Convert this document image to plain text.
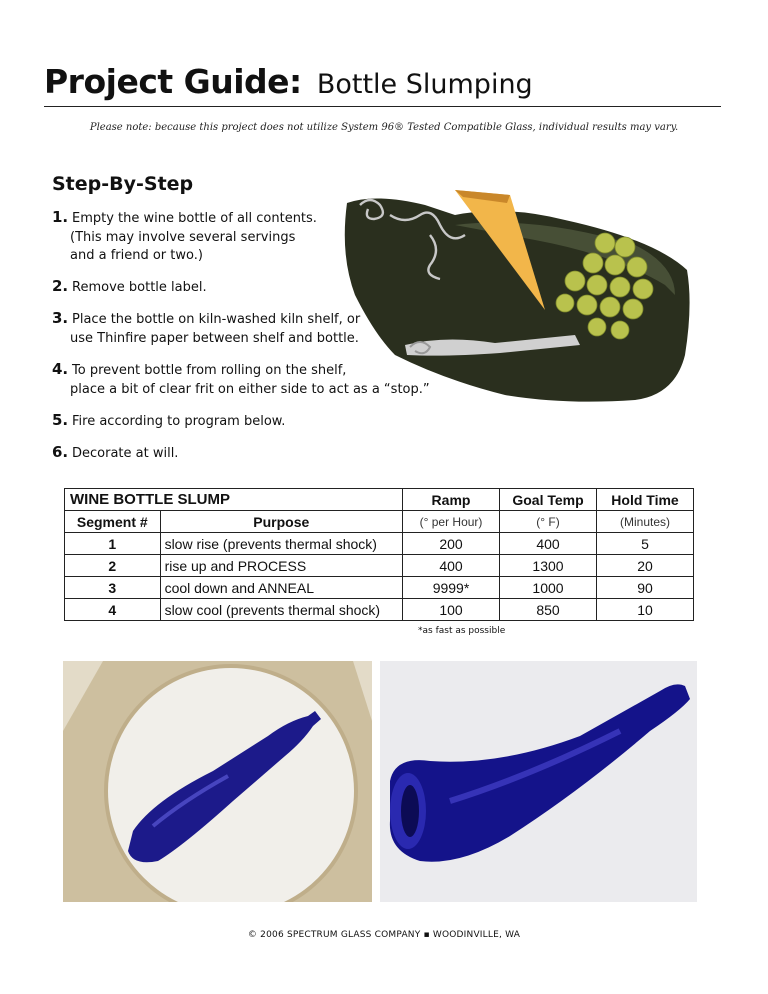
Project Guide: Bottle Slumping
Please note: because this project does not utilize System 96® Tested Compatible Glass, individual results may vary.
Step-By-Step
1. Empty the wine bottle of all contents.
(This may involve several servings
and a friend or two.)
2. Remove bottle label.
3. Place the bottle on kiln-washed kiln shelf, or
use Thinfire paper between shelf and bottle.
4. To prevent bottle from rolling on the shelf,
place a bit of clear frit on either side to act as a “stop.”
5. Fire according to program below.
6. Decorate at will.
WINE BOTTLE SLUMP		Ramp	Goal Temp	Hold Time
Segment #	Purpose	(° per Hour)	(° F)	(Minutes)
1	slow rise (prevents thermal shock)	200	400	5
2	rise up and PROCESS	400	1300	20
3	cool down and ANNEAL	9999*	1000	90
4	slow cool (prevents thermal shock)	100	850	10
*as fast as possible
© 2006 SPECTRUM GLASS COMPANY ▪ WOODINVILLE, WA
